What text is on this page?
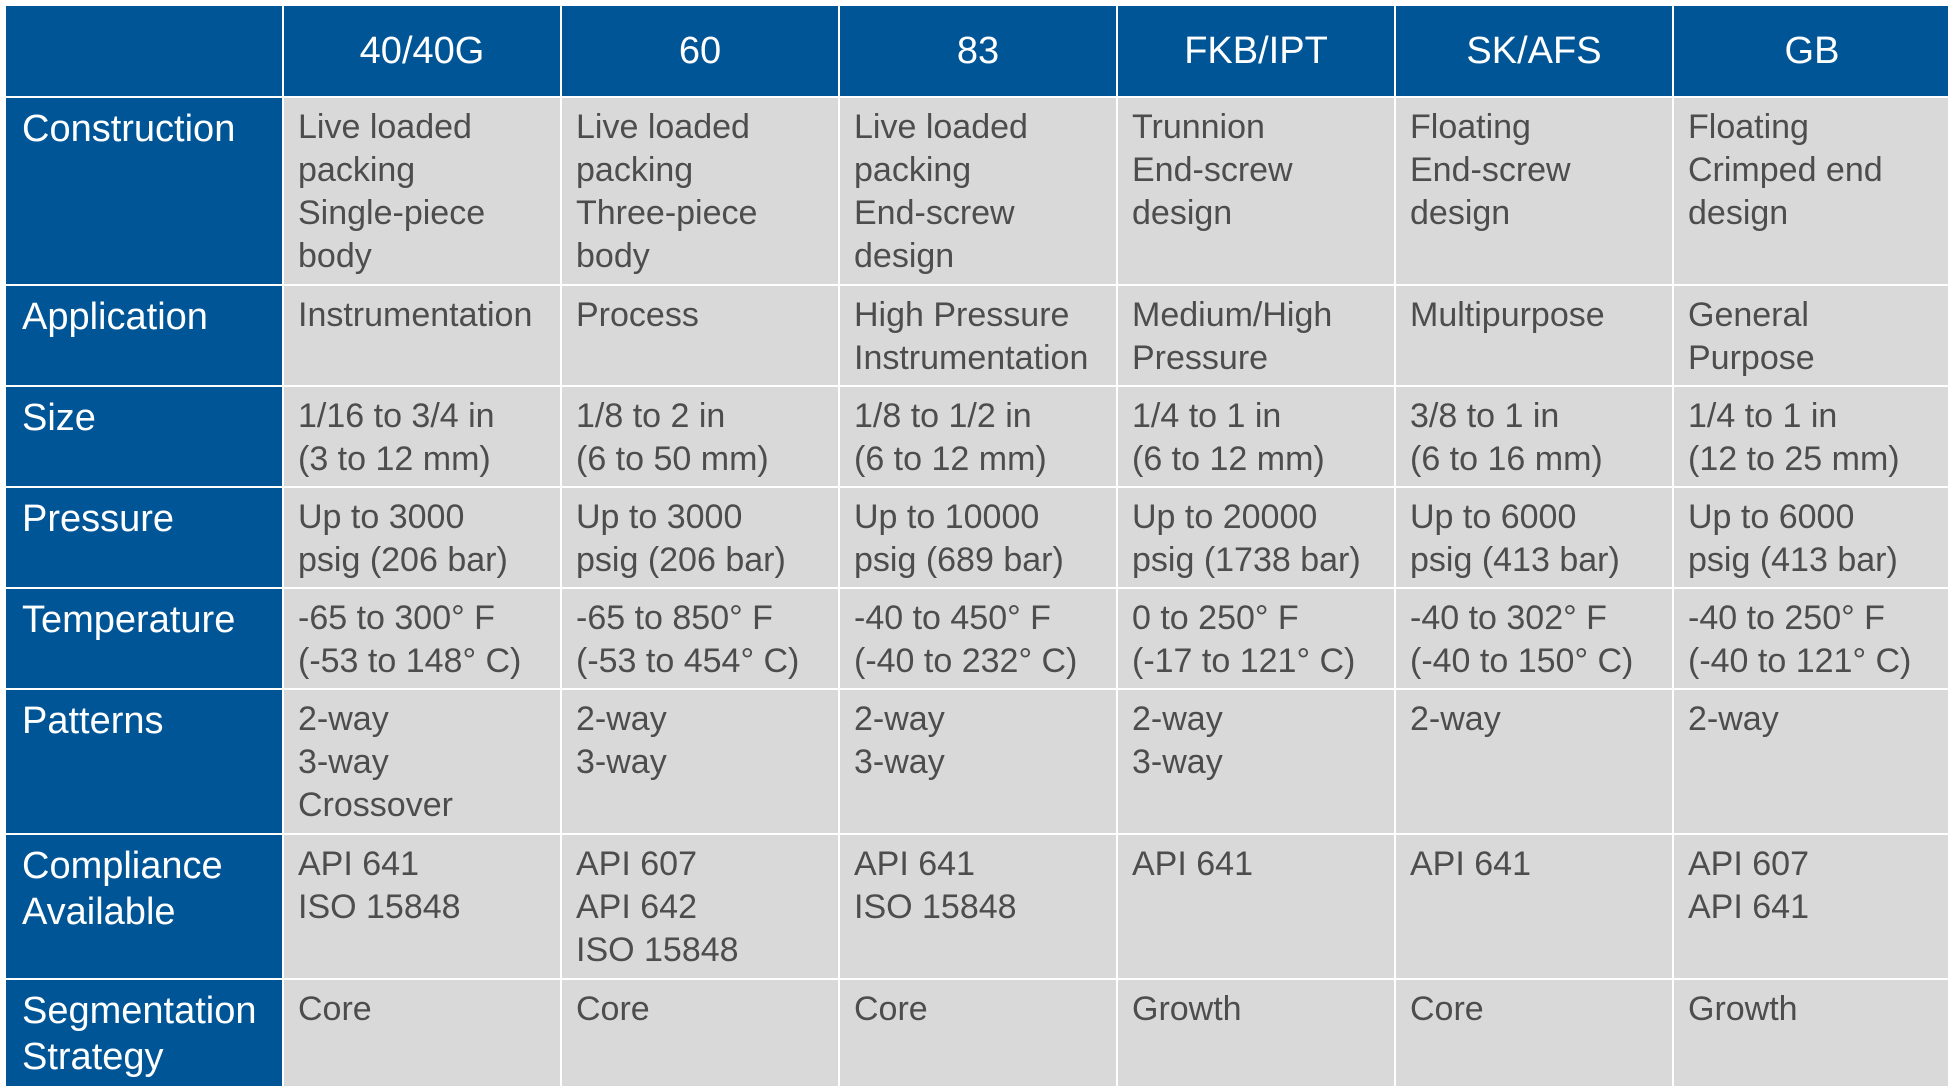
	40/40G	60	83	FKB/IPT	SK/AFS	GB
Construction	Live loaded
packing
Single-piece
body	Live loaded
packing
Three-piece
body	Live loaded
packing
End-screw
design	Trunnion
End-screw
design	Floating
End-screw
design	Floating
Crimped end
design
Application	Instrumentation	Process	High Pressure
Instrumentation	Medium/High
Pressure	Multipurpose	General
Purpose
Size	1/16 to 3/4 in
(3 to 12 mm)	1/8 to 2 in
(6 to 50 mm)	1/8 to 1/2 in
(6 to 12 mm)	1/4 to 1 in
(6 to 12 mm)	3/8 to 1 in
(6 to 16 mm)	1/4 to 1 in
(12 to 25 mm)
Pressure	Up to 3000
psig (206 bar)	Up to 3000
psig (206 bar)	Up to 10000
psig (689 bar)	Up to 20000
psig (1738 bar)	Up to 6000
psig (413 bar)	Up to 6000
psig (413 bar)
Temperature	-65 to 300° F
(-53 to 148° C)	-65 to 850° F
(-53 to 454° C)	-40 to 450° F
(-40 to 232° C)	0 to 250° F
(-17 to 121° C)	-40 to 302° F
(-40 to 150° C)	-40 to 250° F
(-40 to 121° C)
Patterns	2-way
3-way
Crossover	2-way
3-way	2-way
3-way	2-way
3-way	2-way	2-way
Compliance
Available	API 641
ISO 15848	API 607
API 642
ISO 15848	API 641
ISO 15848	API 641	API 641	API 607
API 641
Segmentation
Strategy	Core	Core	Core	Growth	Core	Growth
